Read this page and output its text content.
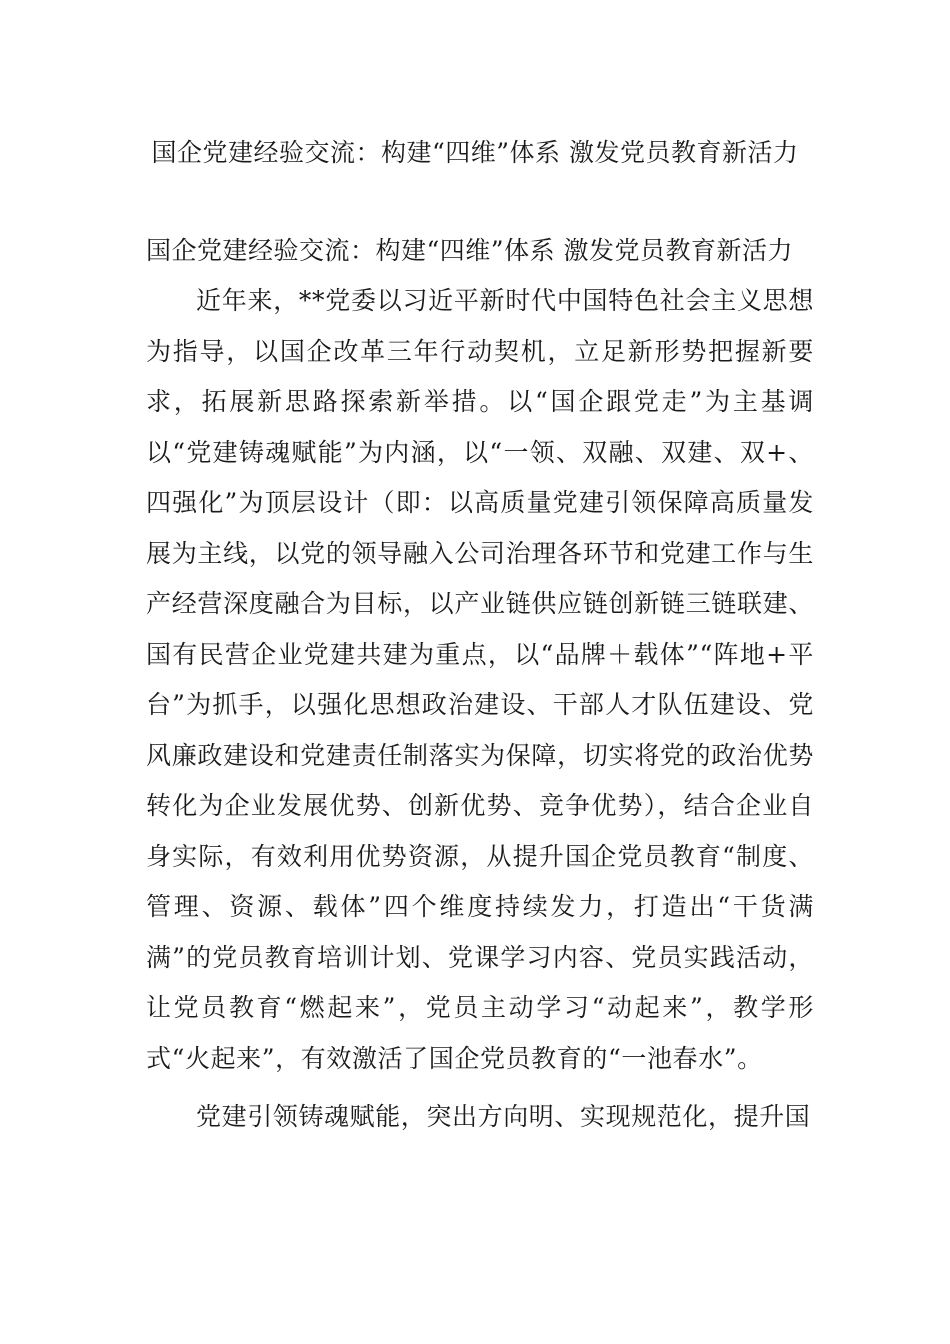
国企党建经验交流：构建“四维”体系 激发党员教育新活力
国企党建经验交流：构建“四维”体系 激发党员教育新活力

近年来，**党委以习近平新时代中国特色社会主义思想为指导，以国企改革三年行动契机，立足新形势把握新要求，拓展新思路探索新举措。以“国企跟党走”为主基调以“党建铸魂赋能”为内涵，以“一领、双融、双建、双+、四强化”为顶层设计（即：以高质量党建引领保障高质量发展为主线，以党的领导融入公司治理各环节和党建工作与生产经营深度融合为目标，以产业链供应链创新链三链联建、国有民营企业党建共建为重点，以“品牌＋载体”“阵地+平台”为抓手，以强化思想政治建设、干部人才队伍建设、党风廉政建设和党建责任制落实为保障，切实将党的政治优势转化为企业发展优势、创新优势、竞争优势），结合企业自身实际，有效利用优势资源，从提升国企党员教育“制度、管理、资源、载体”四个维度持续发力，打造出“干货满满”的党员教育培训计划、党课学习内容、党员实践活动，让党员教育“燃起来”，党员主动学习“动起来”，教学形式“火起来”，有效激活了国企党员教育的“一池春水”。

党建引领铸魂赋能，突出方向明、实现规范化，提升国
